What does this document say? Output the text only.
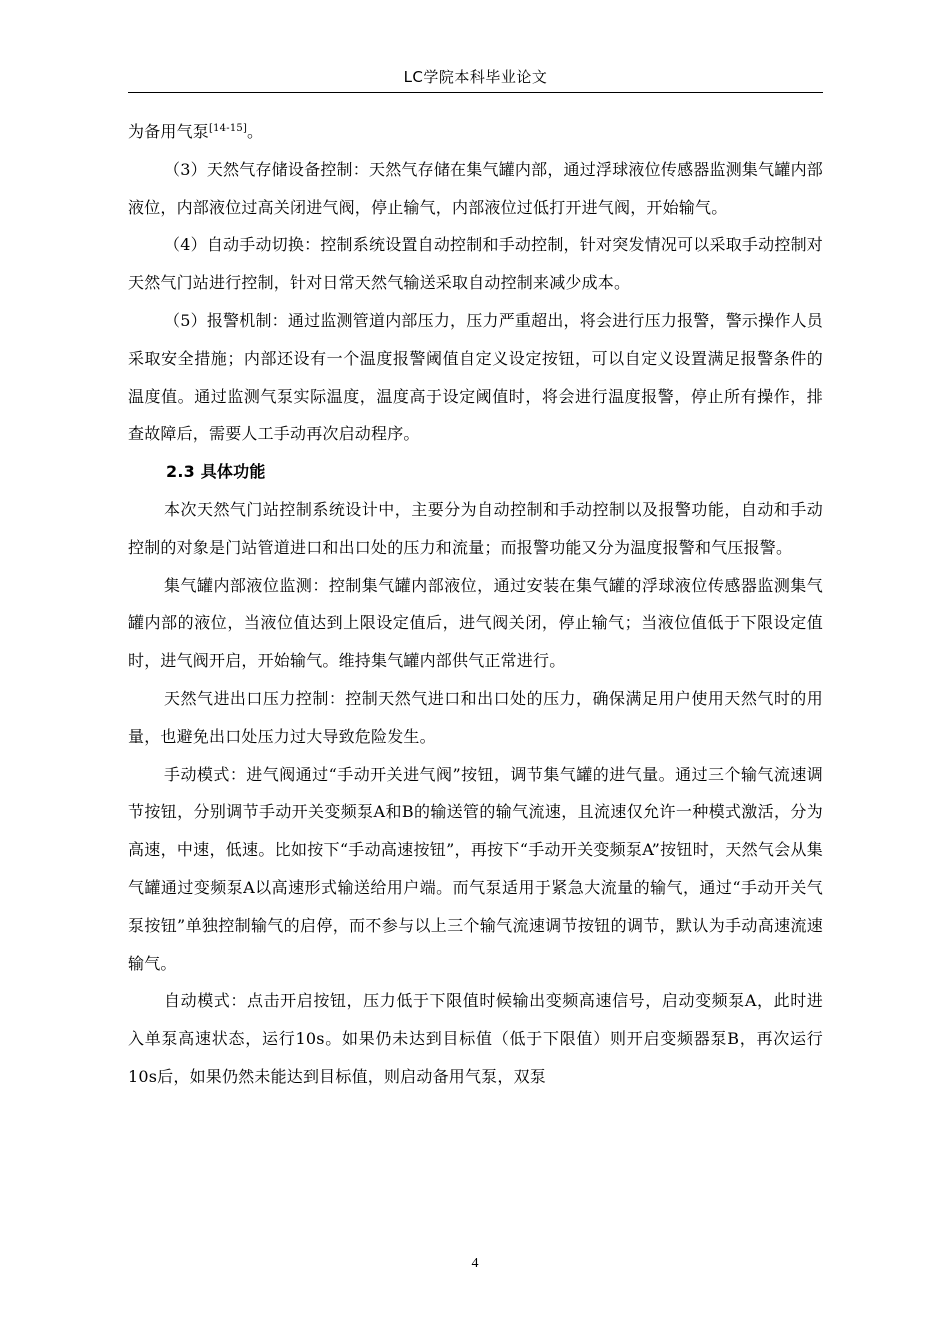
LC学院本科毕业论文

为备用气泵[14-15]。

（3）天然气存储设备控制：天然气存储在集气罐内部，通过浮球液位传感器监测集气罐内部液位，内部液位过高关闭进气阀，停止输气，内部液位过低打开进气阀，开始输气。

（4）自动手动切换：控制系统设置自动控制和手动控制，针对突发情况可以采取手动控制对天然气门站进行控制，针对日常天然气输送采取自动控制来减少成本。

（5）报警机制：通过监测管道内部压力，压力严重超出，将会进行压力报警，警示操作人员采取安全措施；内部还设有一个温度报警阈值自定义设定按钮，可以自定义设置满足报警条件的温度值。通过监测气泵实际温度，温度高于设定阈值时，将会进行温度报警，停止所有操作，排查故障后，需要人工手动再次启动程序。

2.3 具体功能

本次天然气门站控制系统设计中，主要分为自动控制和手动控制以及报警功能，自动和手动控制的对象是门站管道进口和出口处的压力和流量；而报警功能又分为温度报警和气压报警。

集气罐内部液位监测：控制集气罐内部液位，通过安装在集气罐的浮球液位传感器监测集气罐内部的液位，当液位值达到上限设定值后，进气阀关闭，停止输气；当液位值低于下限设定值时，进气阀开启，开始输气。维持集气罐内部供气正常进行。

天然气进出口压力控制：控制天然气进口和出口处的压力，确保满足用户使用天然气时的用量，也避免出口处压力过大导致危险发生。

手动模式：进气阀通过“手动开关进气阀”按钮，调节集气罐的进气量。通过三个输气流速调节按钮，分别调节手动开关变频泵A和B的输送管的输气流速，且流速仅允许一种模式激活，分为高速，中速，低速。比如按下“手动高速按钮”，再按下“手动开关变频泵A”按钮时，天然气会从集气罐通过变频泵A以高速形式输送给用户端。而气泵适用于紧急大流量的输气，通过“手动开关气泵按钮”单独控制输气的启停，而不参与以上三个输气流速调节按钮的调节，默认为手动高速流速输气。

自动模式：点击开启按钮，压力低于下限值时候输出变频高速信号，启动变频泵A，此时进入单泵高速状态，运行10s。如果仍未达到目标值（低于下限值）则开启变频器泵B，再次运行10s后，如果仍然未能达到目标值，则启动备用气泵，双泵

4
